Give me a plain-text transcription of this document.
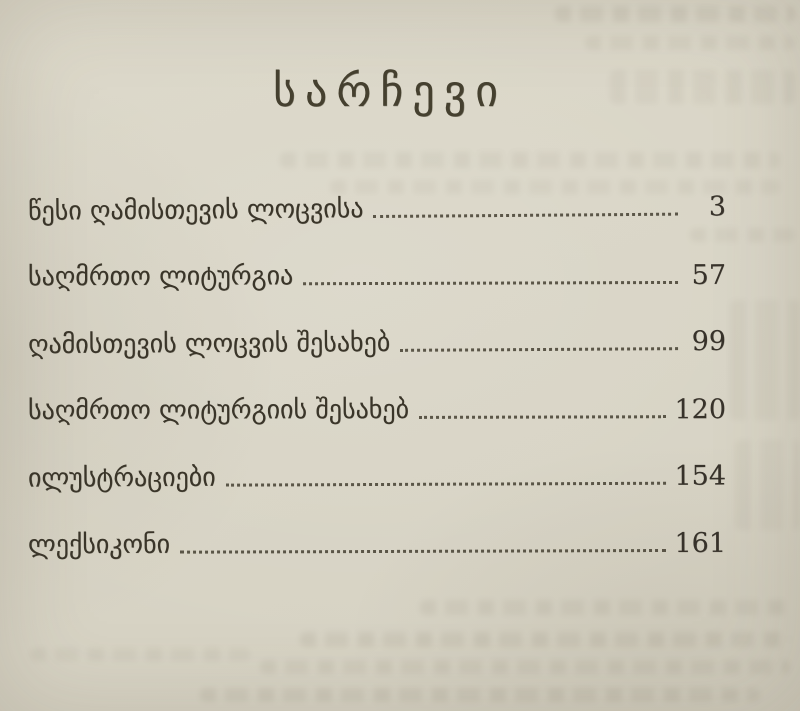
სარჩევი
წესი ღამისთევის ლოცვისა	3
საღმრთო ლიტურგია	57
ღამისთევის ლოცვის შესახებ	99
საღმრთო ლიტურგიის შესახებ	120
ილუსტრაციები	154
ლექსიკონი	161
